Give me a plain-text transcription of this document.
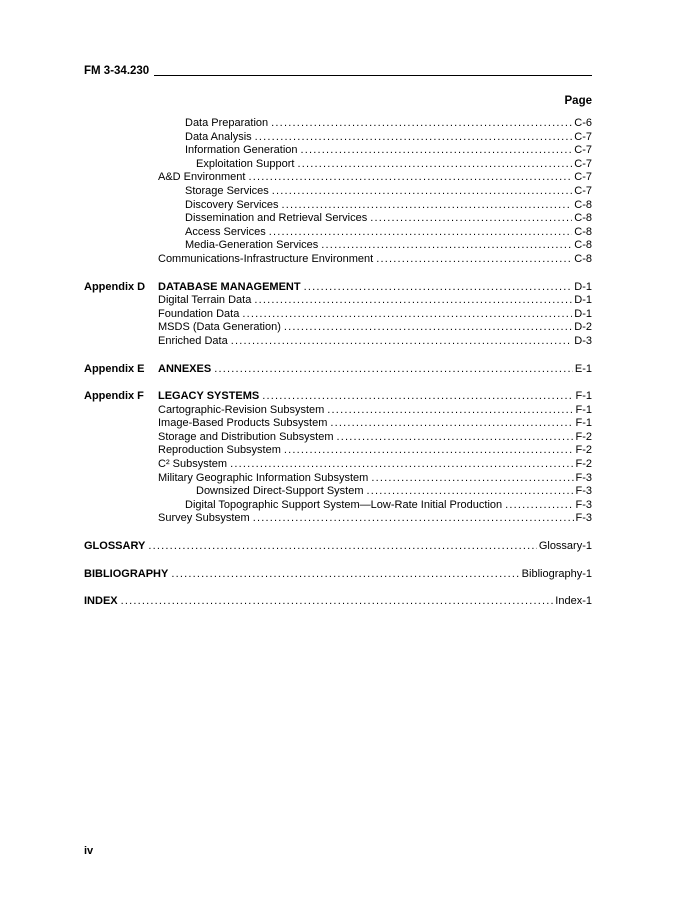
FM 3-34.230
Page
Data Preparation .....	C-6
Data Analysis .....	C-7
Information Generation .....	C-7
Exploitation Support .....	C-7
A&D Environment .....	C-7
Storage Services .....	C-7
Discovery Services .....	C-8
Dissemination and Retrieval Services .....	C-8
Access Services .....	C-8
Media-Generation Services .....	C-8
Communications-Infrastructure Environment .....	C-8
Appendix D	DATABASE MANAGEMENT .....	D-1
Digital Terrain Data .....	D-1
Foundation Data .....	D-1
MSDS (Data Generation) .....	D-2
Enriched Data .....	D-3
Appendix E	ANNEXES .....	E-1
Appendix F	LEGACY SYSTEMS .....	F-1
Cartographic-Revision Subsystem .....	F-1
Image-Based Products Subsystem .....	F-1
Storage and Distribution Subsystem .....	F-2
Reproduction Subsystem .....	F-2
C² Subsystem .....	F-2
Military Geographic Information Subsystem .....	F-3
Downsized Direct-Support System .....	F-3
Digital Topographic Support System—Low-Rate Initial Production .....	F-3
Survey Subsystem .....	F-3
GLOSSARY .....	Glossary-1
BIBLIOGRAPHY .....	Bibliography-1
INDEX .....	Index-1
iv
